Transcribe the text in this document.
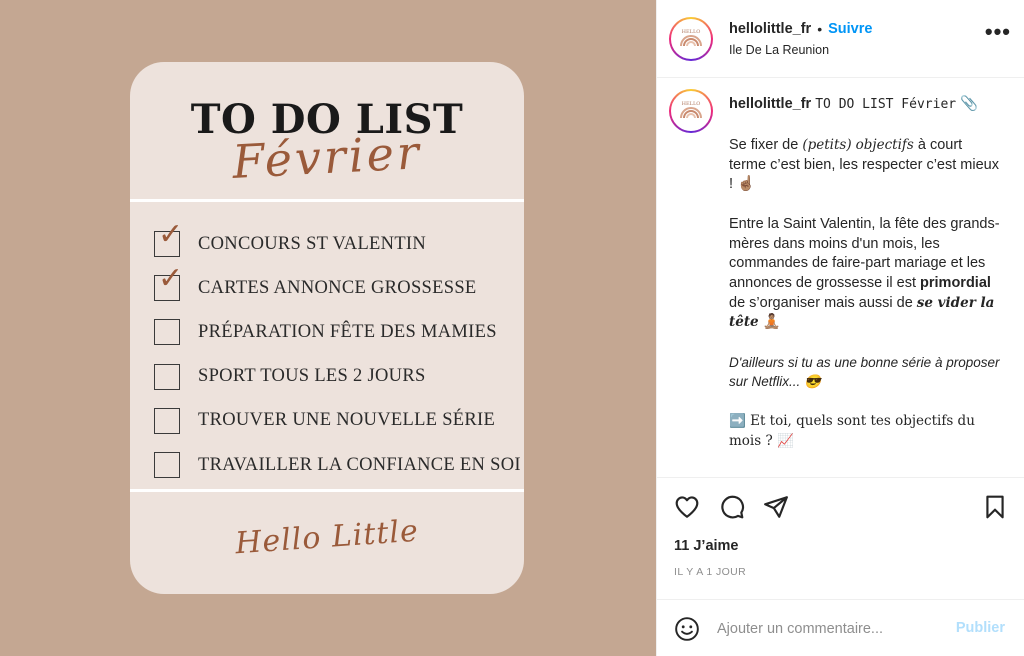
TO DO LIST
Février
✓ CONCOURS ST VALENTIN
✓ CARTES ANNONCE GROSSESSE
PRÉPARATION FÊTE DES MAMIES
SPORT TOUS LES 2 JOURS
TROUVER UNE NOUVELLE SÉRIE
TRAVAILLER LA CONFIANCE EN SOI
Hello Little
HELLO hellolittle_fr • Suivre
Ile De La Reunion
•••
HELLO hellolittle_fr TO DO LIST Février 📎

Se fixer de (petits) objectifs à court terme c’est bien, les respecter c’est mieux ! ☝🏽

Entre la Saint Valentin, la fête des grands-mères dans moins d'un mois, les commandes de faire-part mariage et les annonces de grossesse il est primordial de s’organiser mais aussi de se vider la tête 🧘🏽

D'ailleurs si tu as une bonne série à proposer sur Netflix... 😎

➡️ Et toi, quels sont tes objectifs du mois ? 📈

11 J’aime
IL Y A 1 JOUR
Ajouter un commentaire...
Publier
